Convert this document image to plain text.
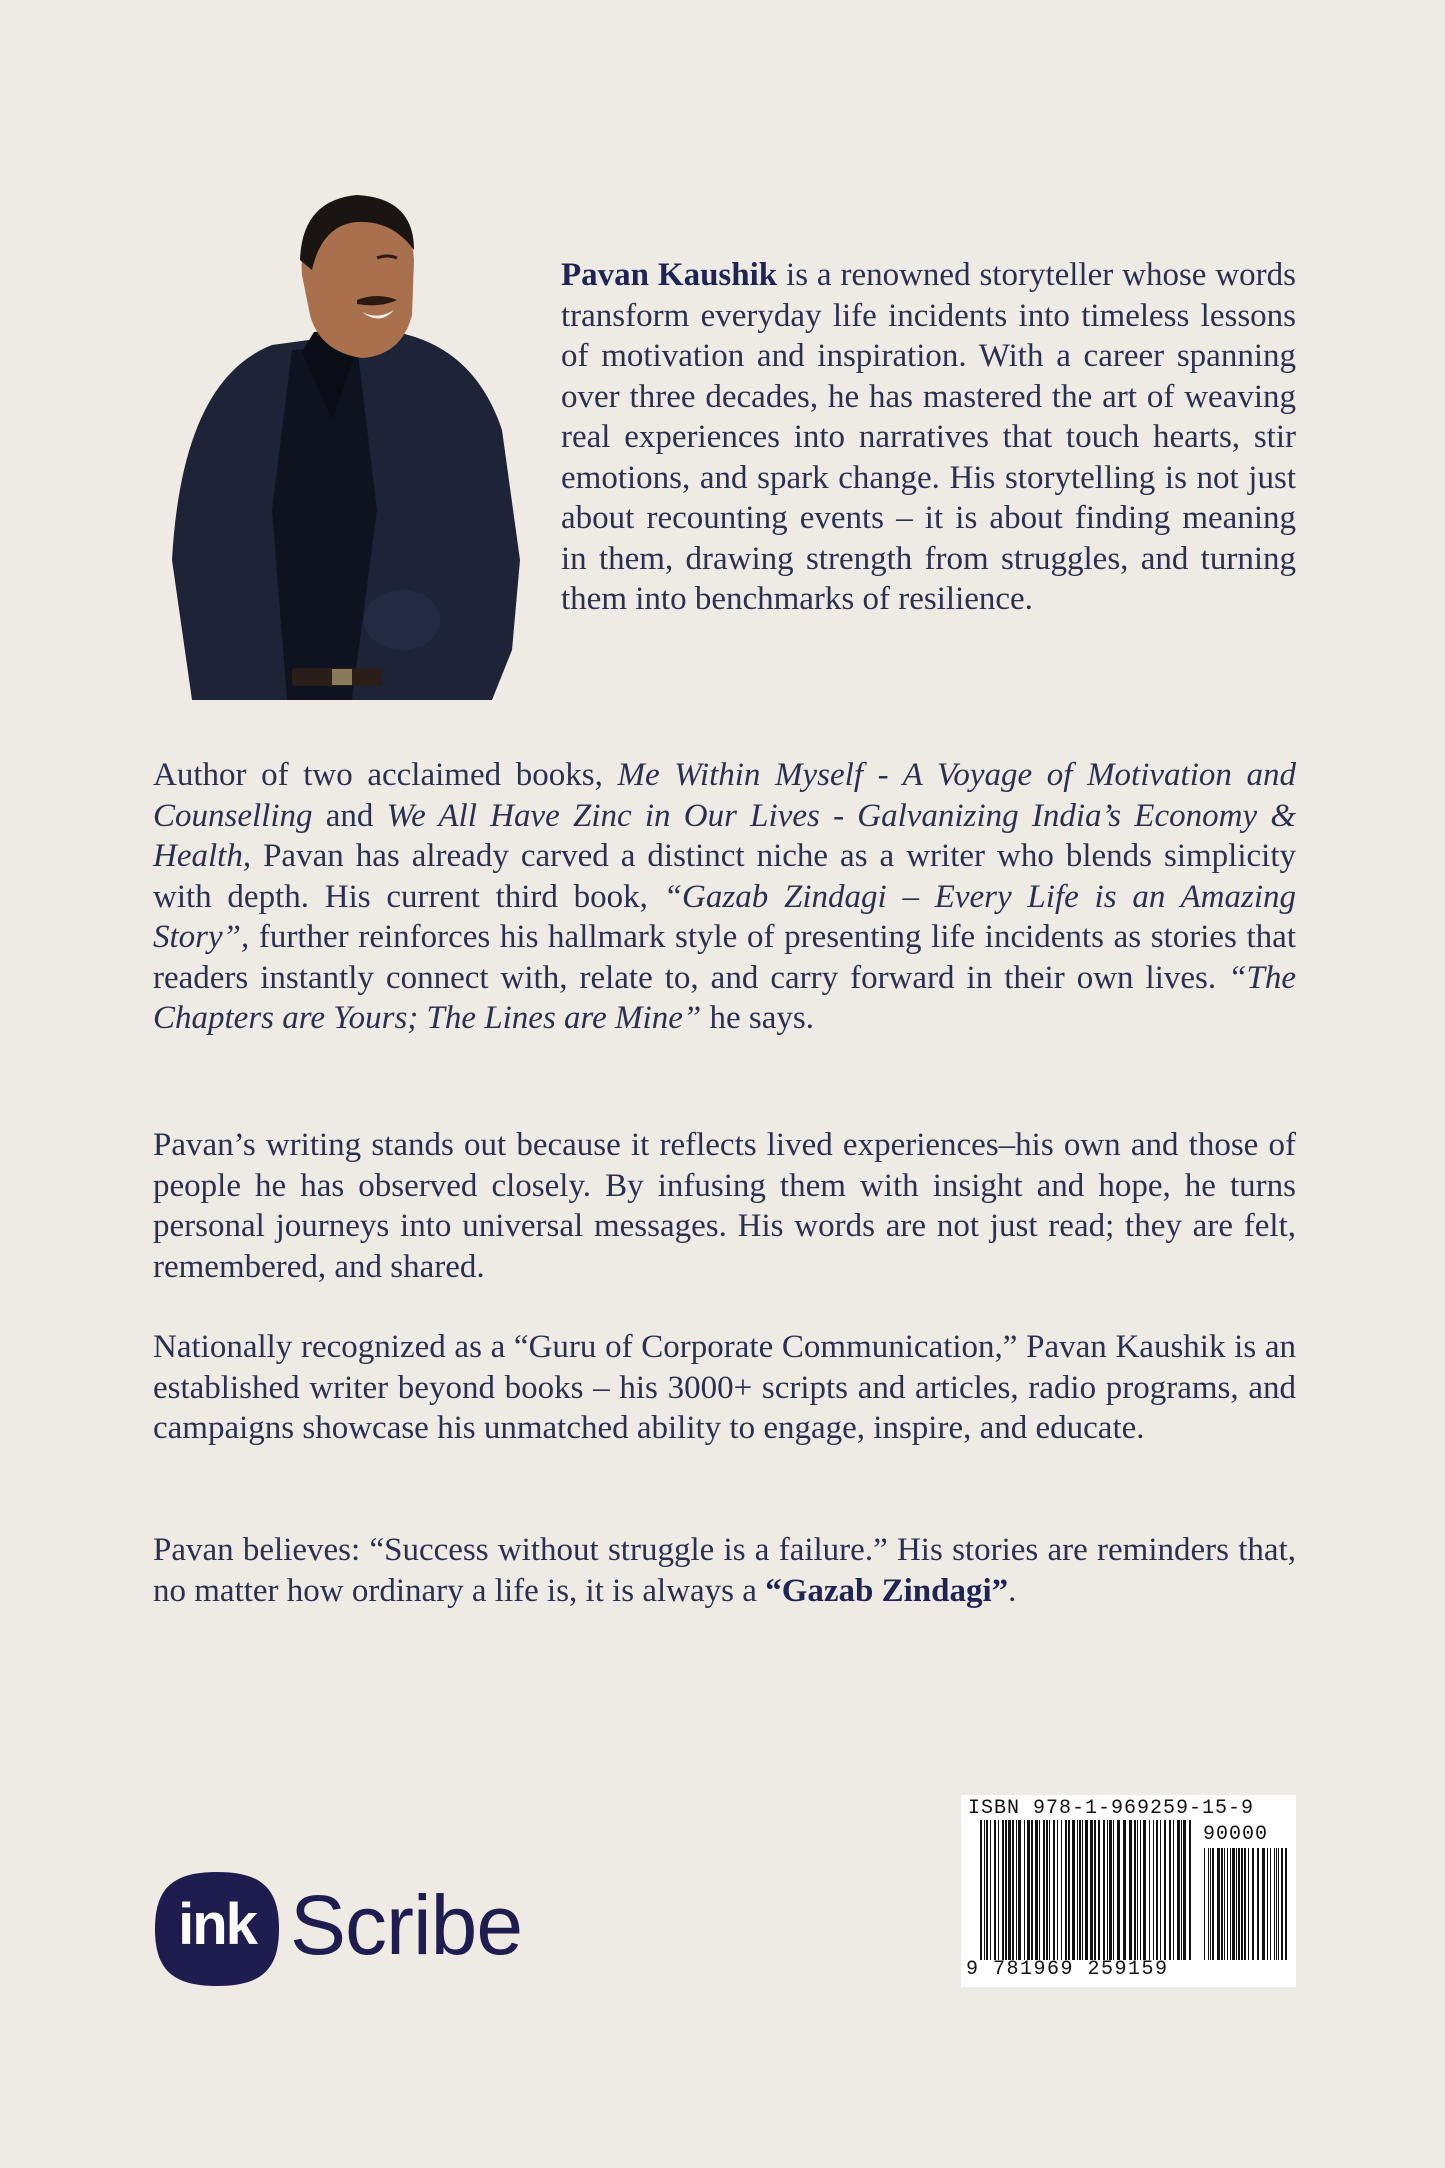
Pavan Kaushik is a renowned storyteller whose words transform everyday life incidents into timeless lessons of motivation and inspiration. With a career spanning over three decades, he has mastered the art of weaving real experiences into narratives that touch hearts, stir emotions, and spark change. His storytelling is not just about recounting events – it is about finding meaning in them, drawing strength from struggles, and turning them into benchmarks of resilience.

Author of two acclaimed books, Me Within Myself - A Voyage of Motivation and Counselling and We All Have Zinc in Our Lives - Galvanizing India’s Economy & Health, Pavan has already carved a distinct niche as a writer who blends simplicity with depth. His current third book, “Gazab Zindagi – Every Life is an Amazing Story”, further reinforces his hallmark style of presenting life incidents as stories that readers instantly connect with, relate to, and carry forward in their own lives. “The Chapters are Yours; The Lines are Mine” he says.

Pavan’s writing stands out because it reflects lived experiences–his own and those of people he has observed closely. By infusing them with insight and hope, he turns personal journeys into universal messages. His words are not just read; they are felt, remembered, and shared.

Nationally recognized as a “Guru of Corporate Communication,” Pavan Kaushik is an established writer beyond books – his 3000+ scripts and articles, radio programs, and campaigns showcase his unmatched ability to engage, inspire, and educate.

Pavan believes: “Success without struggle is a failure.” His stories are reminders that, no matter how ordinary a life is, it is always a “Gazab Zindagi”.

ink Scribe
ISBN 978-1-969259-15-9
90000
9 781969 259159
